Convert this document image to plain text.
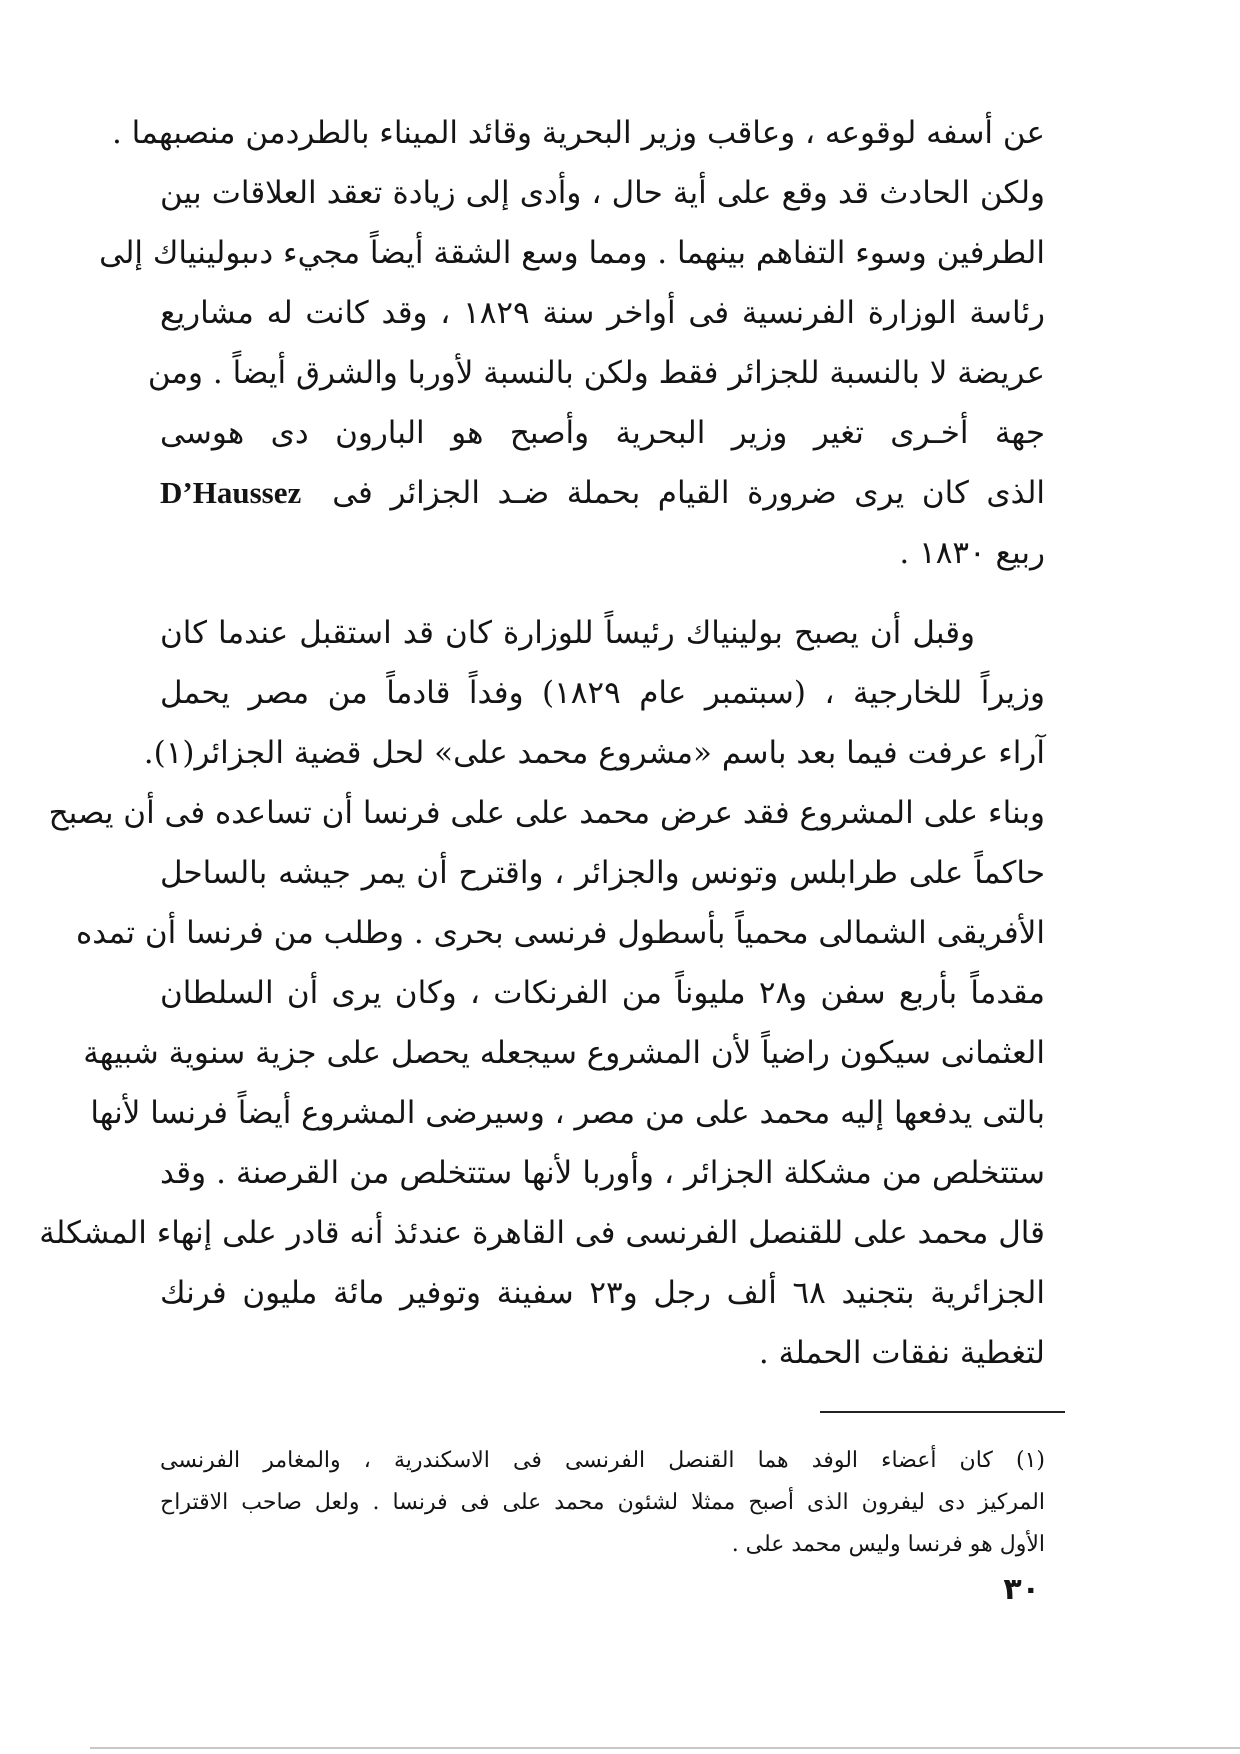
عن أسفه لوقوعه ، وعاقب وزير البحرية وقائد الميناء بالطردمن منصبهما .
ولكن الحادث قد وقع على أية حال ، وأدى إلى زيادة تعقد العلاقات بين
الطرفين وسوء التفاهم بينهما . ومما وسع الشقة أيضاً مجيء دىبولينياك إلى
رئاسة الوزارة الفرنسية فى أواخر سنة ١٨٢٩ ، وقد كانت له مشاريع
عريضة لا بالنسبة للجزائر فقط ولكن بالنسبة لأوربا والشرق أيضاً . ومن
جهة أخـرى تغير وزير البحرية وأصبح هو البارون دى هوسى
الذى كان يرى ضرورة القيام بحملة ضـد الجزائر فى D’Haussez
ربيع ١٨٣٠ .
وقبل أن يصبح بولينياك رئيساً للوزارة كان قد استقبل عندما كان
وزيراً للخارجية ، (سبتمبر عام ١٨٢٩) وفداً قادماً من مصر يحمل
آراء عرفت فيما بعد باسم «مشروع محمد على» لحل قضية الجزائر(١).
وبناء على المشروع فقد عرض محمد على على فرنسا أن تساعده فى أن يصبح
حاكماً على طرابلس وتونس والجزائر ، واقترح أن يمر جيشه بالساحل
الأفريقى الشمالى محمياً بأسطول فرنسى بحرى . وطلب من فرنسا أن تمده
مقدماً بأربع سفن و٢٨ مليوناً من الفرنكات ، وكان يرى أن السلطان
العثمانى سيكون راضياً لأن المشروع سيجعله يحصل على جزية سنوية شبيهة
بالتى يدفعها إليه محمد على من مصر ، وسيرضى المشروع أيضاً فرنسا لأنها
ستتخلص من مشكلة الجزائر ، وأوربا لأنها ستتخلص من القرصنة . وقد
قال محمد على للقنصل الفرنسى فى القاهرة عندئذ أنه قادر على إنهاء المشكلة
الجزائرية بتجنيد ٦٨ ألف رجل و٢٣ سفينة وتوفير مائة مليون فرنك
لتغطية نفقات الحملة .
(١) كان أعضاء الوفد هما القنصل الفرنسى فى الاسكندرية ، والمغامر الفرنسى
المركيز دى ليفرون الذى أصبح ممثلا لشئون محمد على فى فرنسا . ولعل صاحب الاقتراح
الأول هو فرنسا وليس محمد على .
٣٠
